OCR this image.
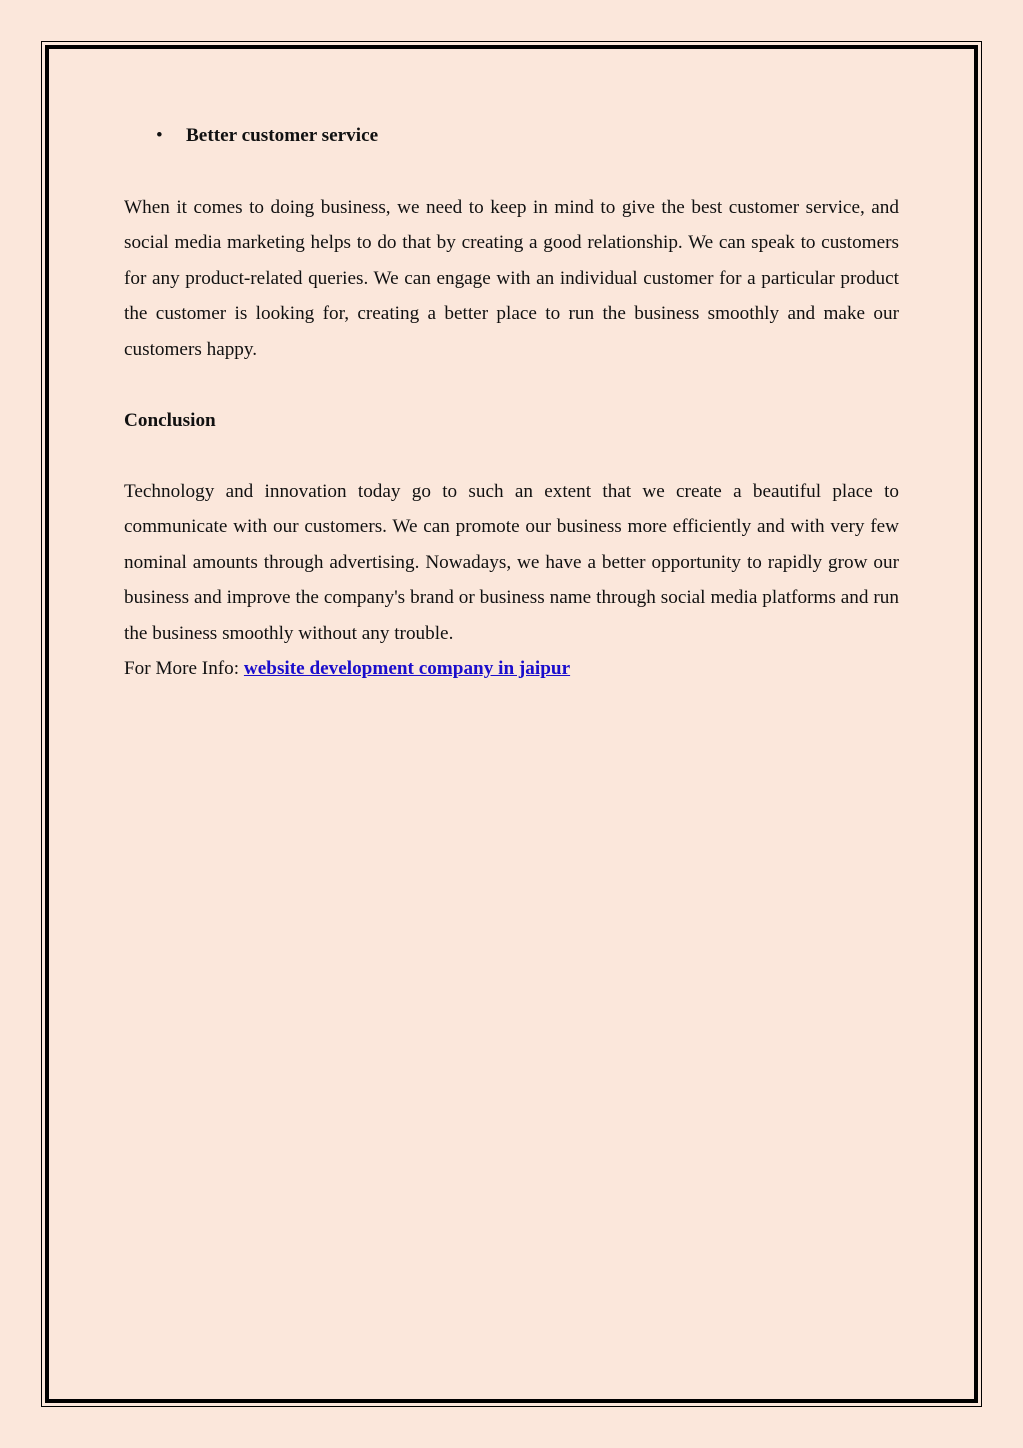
• Better customer service

When it comes to doing business, we need to keep in mind to give the best customer service, and social media marketing helps to do that by creating a good relationship. We can speak to customers for any product-related queries. We can engage with an individual customer for a particular product the customer is looking for, creating a better place to run the business smoothly and make our customers happy.

Conclusion

Technology and innovation today go to such an extent that we create a beautiful place to communicate with our customers. We can promote our business more efficiently and with very few nominal amounts through advertising. Nowadays, we have a better opportunity to rapidly grow our business and improve the company's brand or business name through social media platforms and run the business smoothly without any trouble.

For More Info: website development company in jaipur
